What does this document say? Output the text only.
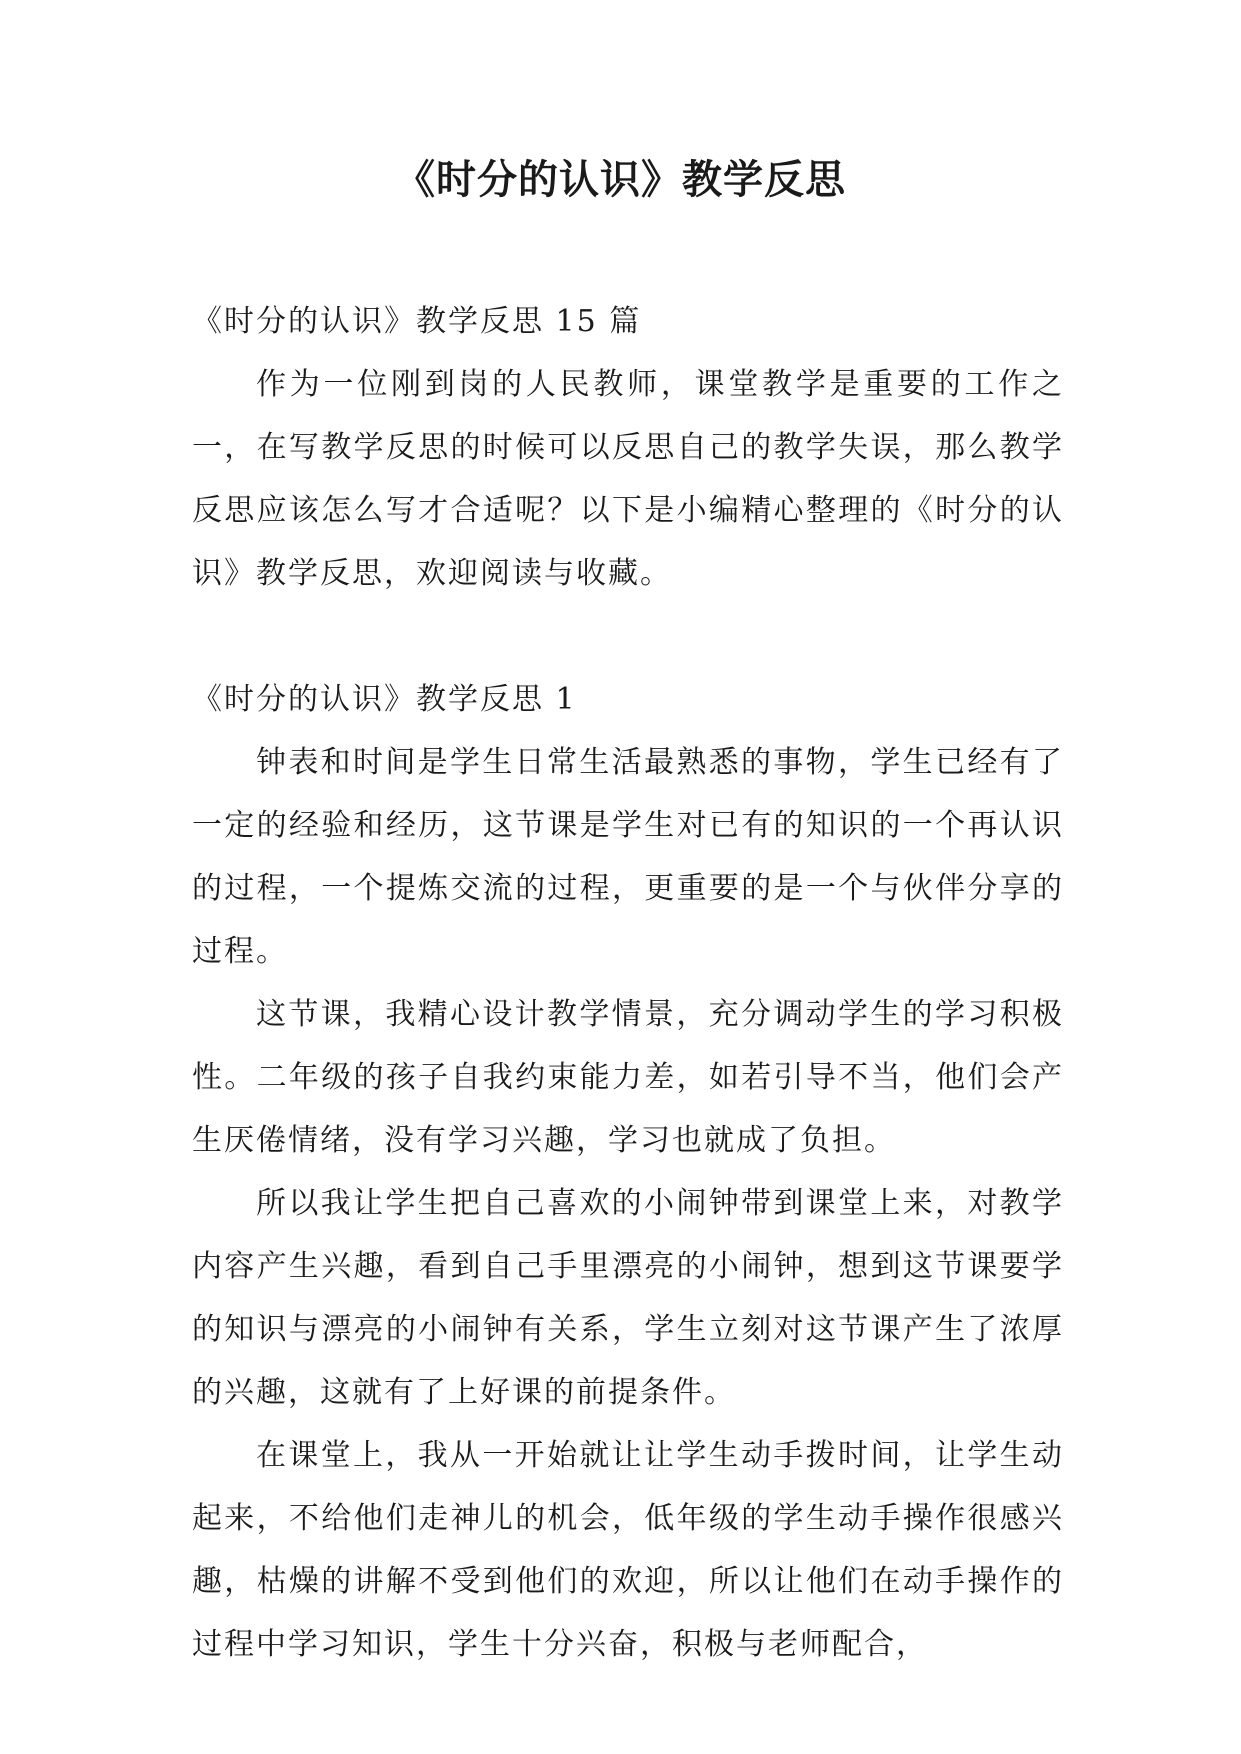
《时分的认识》教学反思

《时分的认识》教学反思 15 篇

作为一位刚到岗的人民教师，课堂教学是重要的工作之一，在写教学反思的时候可以反思自己的教学失误，那么教学反思应该怎么写才合适呢？以下是小编精心整理的《时分的认识》教学反思，欢迎阅读与收藏。

《时分的认识》教学反思 1

钟表和时间是学生日常生活最熟悉的事物，学生已经有了一定的经验和经历，这节课是学生对已有的知识的一个再认识的过程，一个提炼交流的过程，更重要的是一个与伙伴分享的过程。

这节课，我精心设计教学情景，充分调动学生的学习积极性。二年级的孩子自我约束能力差，如若引导不当，他们会产生厌倦情绪，没有学习兴趣，学习也就成了负担。

所以我让学生把自己喜欢的小闹钟带到课堂上来，对教学内容产生兴趣，看到自己手里漂亮的小闹钟，想到这节课要学的知识与漂亮的小闹钟有关系，学生立刻对这节课产生了浓厚的兴趣，这就有了上好课的前提条件。

在课堂上，我从一开始就让让学生动手拨时间，让学生动起来，不给他们走神儿的机会，低年级的学生动手操作很感兴趣，枯燥的讲解不受到他们的欢迎，所以让他们在动手操作的过程中学习知识，学生十分兴奋，积极与老师配合，
